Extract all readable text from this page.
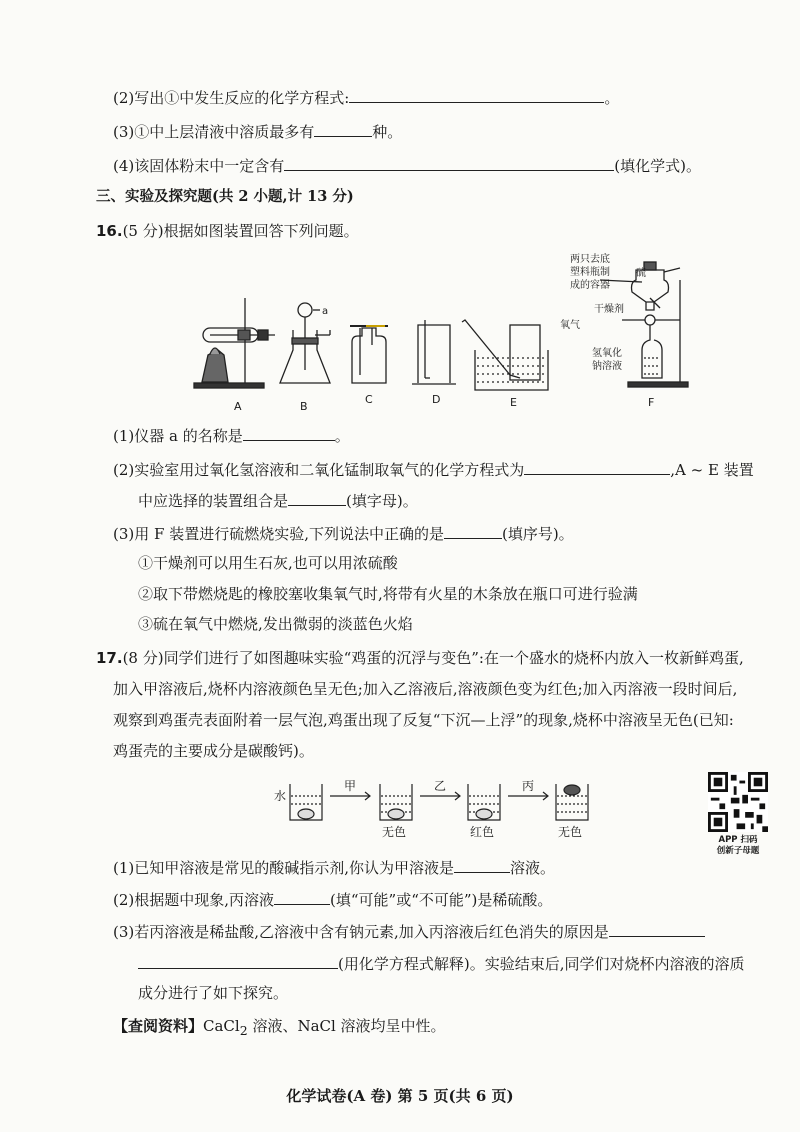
(2)写出①中发生反应的化学方程式:	。
(3)①中上层清液中溶质最多有	种。
(4)该固体粉末中一定含有	(填化学式)。
三、实验及探究题(共 2 小题,计 13 分)
16.(5 分)根据如图装置回答下列问题。
A	B
C	D	E	F
a
两只去底
塑料瓶制
成的容器
硫
干燥剂
氧气
氢氧化
钠溶液
(1)仪器 a 的名称是	。
(2)实验室用过氧化氢溶液和二氧化锰制取氧气的化学方程式为	,A ~ E 装置
中应选择的装置组合是	(填字母)。
(3)用 F 装置进行硫燃烧实验,下列说法中正确的是	(填序号)。
①干燥剂可以用生石灰,也可以用浓硫酸
②取下带燃烧匙的橡胶塞收集氧气时,将带有火星的木条放在瓶口可进行验满
③硫在氧气中燃烧,发出微弱的淡蓝色火焰
17.(8 分)同学们进行了如图趣味实验“鸡蛋的沉浮与变色”:在一个盛水的烧杯内放入一枚新鲜鸡蛋,
加入甲溶液后,烧杯内溶液颜色呈无色;加入乙溶液后,溶液颜色变为红色;加入丙溶液一段时间后,
观察到鸡蛋壳表面附着一层气泡,鸡蛋出现了反复“下沉—上浮”的现象,烧杯中溶液呈无色(已知:
鸡蛋壳的主要成分是碳酸钙)。
水
甲	乙	丙
无色	红色	无色
APP 扫码
创新子母题
(1)已知甲溶液是常见的酸碱指示剂,你认为甲溶液是	溶液。
(2)根据题中现象,丙溶液	(填“可能”或“不可能”)是稀硫酸。
(3)若丙溶液是稀盐酸,乙溶液中含有钠元素,加入丙溶液后红色消失的原因是
(用化学方程式解释)。实验结束后,同学们对烧杯内溶液的溶质
成分进行了如下探究。
【查阅资料】CaCl$_2$ 溶液、NaCl 溶液均呈中性。
化学试卷(A 卷) 第 5 页(共 6 页)
